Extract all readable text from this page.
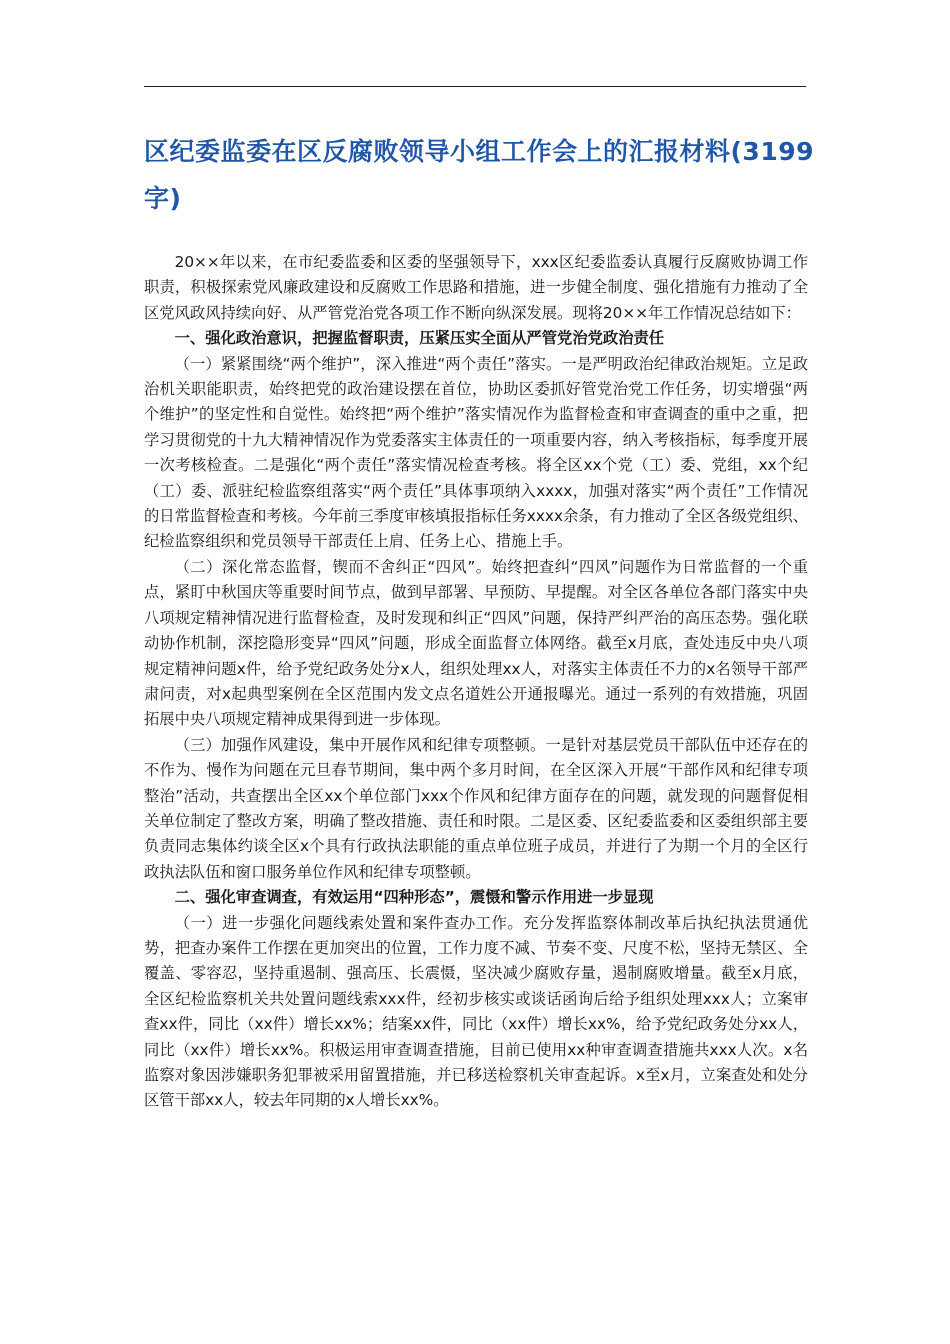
区纪委监委在区反腐败领导小组工作会上的汇报材料(3199字)

20××年以来，在市纪委监委和区委的坚强领导下，xxx区纪委监委认真履行反腐败协调工作职责，积极探索党风廉政建设和反腐败工作思路和措施，进一步健全制度、强化措施有力推动了全区党风政风持续向好、从严管党治党各项工作不断向纵深发展。现将20××年工作情况总结如下：

一、强化政治意识，把握监督职责，压紧压实全面从严管党治党政治责任

（一）紧紧围绕“两个维护”，深入推进“两个责任”落实。一是严明政治纪律政治规矩。立足政治机关职能职责，始终把党的政治建设摆在首位，协助区委抓好管党治党工作任务，切实增强“两个维护”的坚定性和自觉性。始终把“两个维护”落实情况作为监督检查和审查调查的重中之重，把学习贯彻党的十九大精神情况作为党委落实主体责任的一项重要内容，纳入考核指标，每季度开展一次考核检查。二是强化“两个责任”落实情况检查考核。将全区xx个党（工）委、党组，xx个纪（工）委、派驻纪检监察组落实“两个责任”具体事项纳入xxxx，加强对落实“两个责任”工作情况的日常监督检查和考核。今年前三季度审核填报指标任务xxxx余条，有力推动了全区各级党组织、纪检监察组织和党员领导干部责任上肩、任务上心、措施上手。

（二）深化常态监督，锲而不舍纠正“四风”。始终把查纠“四风”问题作为日常监督的一个重点，紧盯中秋国庆等重要时间节点，做到早部署、早预防、早提醒。对全区各单位各部门落实中央八项规定精神情况进行监督检查，及时发现和纠正“四风”问题，保持严纠严治的高压态势。强化联动协作机制，深挖隐形变异“四风”问题，形成全面监督立体网络。截至x月底，查处违反中央八项规定精神问题x件，给予党纪政务处分x人，组织处理xx人，对落实主体责任不力的x名领导干部严肃问责，对x起典型案例在全区范围内发文点名道姓公开通报曝光。通过一系列的有效措施，巩固拓展中央八项规定精神成果得到进一步体现。

（三）加强作风建设，集中开展作风和纪律专项整顿。一是针对基层党员干部队伍中还存在的不作为、慢作为问题在元旦春节期间，集中两个多月时间，在全区深入开展“干部作风和纪律专项整治”活动，共查摆出全区xx个单位部门xxx个作风和纪律方面存在的问题，就发现的问题督促相关单位制定了整改方案，明确了整改措施、责任和时限。二是区委、区纪委监委和区委组织部主要负责同志集体约谈全区x个具有行政执法职能的重点单位班子成员，并进行了为期一个月的全区行政执法队伍和窗口服务单位作风和纪律专项整顿。

二、强化审查调查，有效运用“四种形态”，震慑和警示作用进一步显现

（一）进一步强化问题线索处置和案件查办工作。充分发挥监察体制改革后执纪执法贯通优势，把查办案件工作摆在更加突出的位置，工作力度不减、节奏不变、尺度不松，坚持无禁区、全覆盖、零容忍，坚持重遏制、强高压、长震慑，坚决减少腐败存量，遏制腐败增量。截至x月底，全区纪检监察机关共处置问题线索xxx件，经初步核实或谈话函询后给予组织处理xxx人；立案审查xx件，同比（xx件）增长xx%；结案xx件，同比（xx件）增长xx%，给予党纪政务处分xx人，同比（xx件）增长xx%。积极运用审查调查措施，目前已使用xx种审查调查措施共xxx人次。x名监察对象因涉嫌职务犯罪被采用留置措施，并已移送检察机关审查起诉。x至x月，立案查处和处分区管干部xx人，较去年同期的x人增长xx%。
